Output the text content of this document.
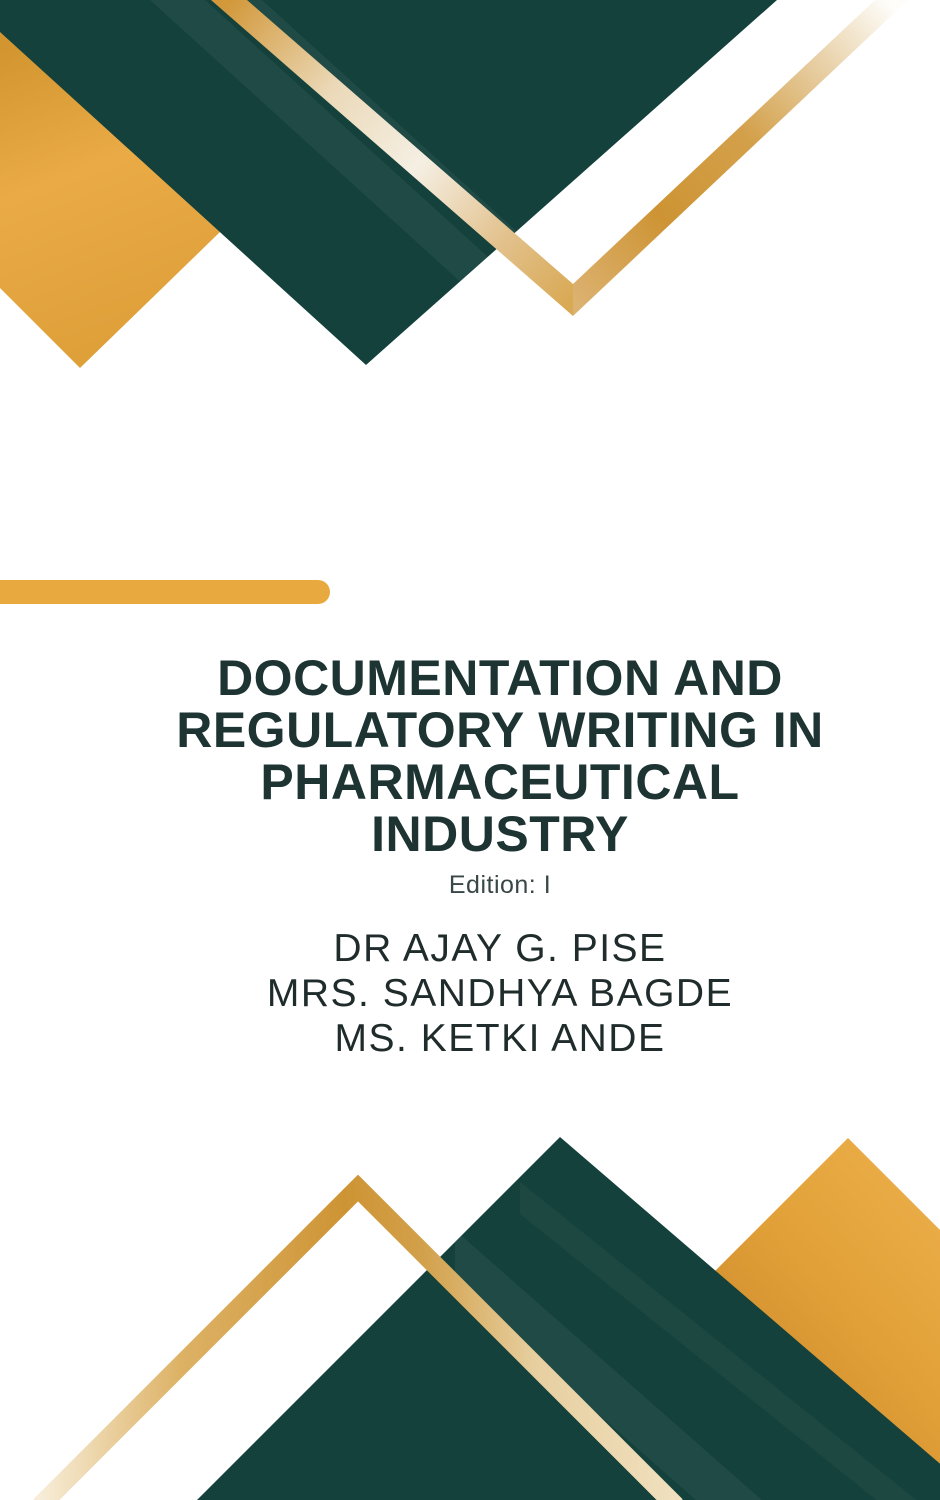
DOCUMENTATION AND
REGULATORY WRITING IN
PHARMACEUTICAL
INDUSTRY
Edition: I
DR AJAY G. PISE
MRS. SANDHYA BAGDE
MS. KETKI ANDE
